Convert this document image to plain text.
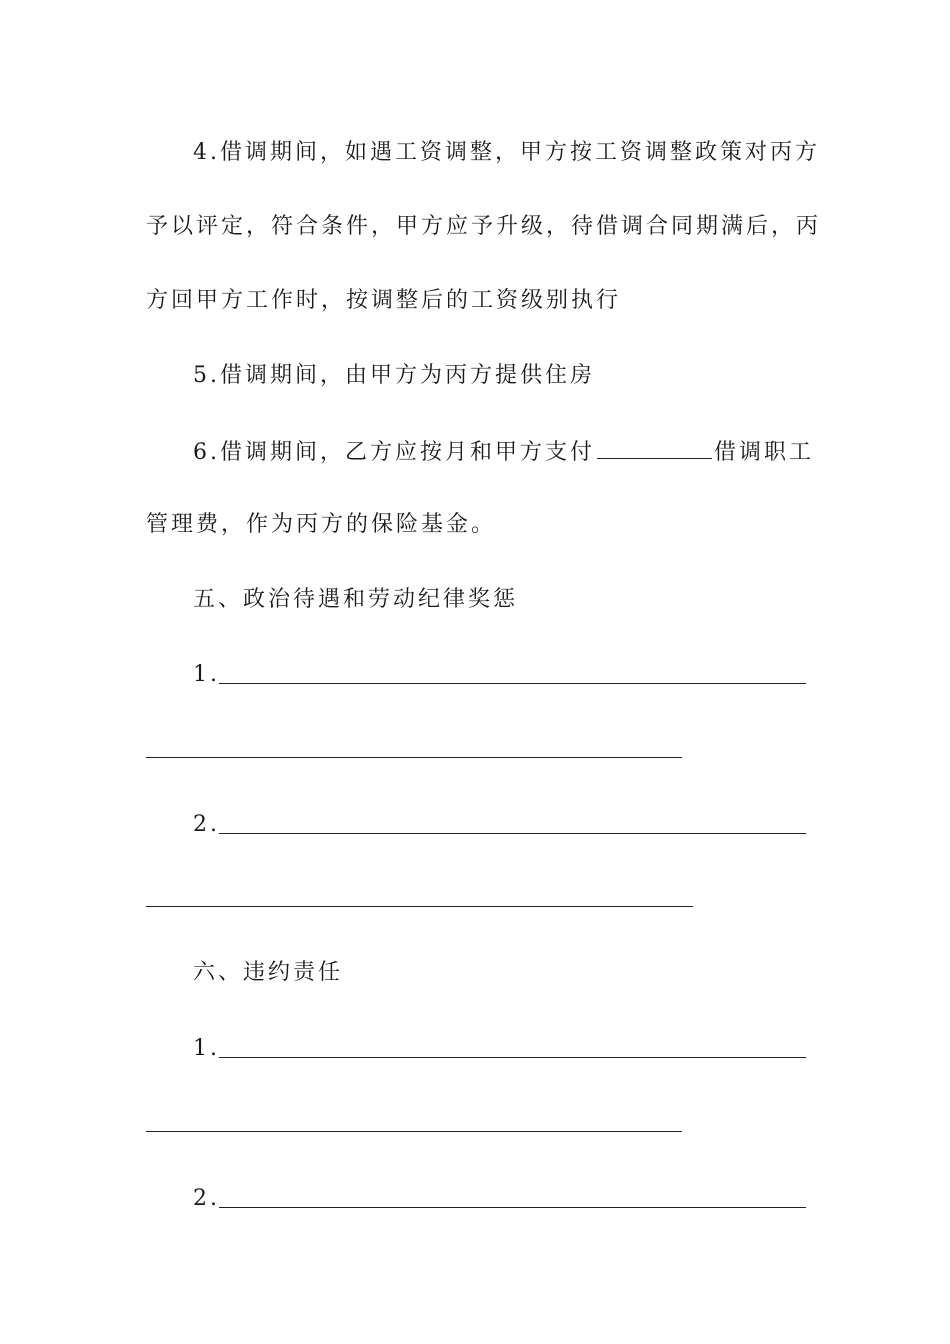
4.借调期间，如遇工资调整，甲方按工资调整政策对丙方
予以评定，符合条件，甲方应予升级，待借调合同期满后，丙
方回甲方工作时，按调整后的工资级别执行
5.借调期间，由甲方为丙方提供住房
6.借调期间，乙方应按月和甲方支付	借调职工
管理费，作为丙方的保险基金。
五、政治待遇和劳动纪律奖惩
1.
2.
六、违约责任
1.
2.
